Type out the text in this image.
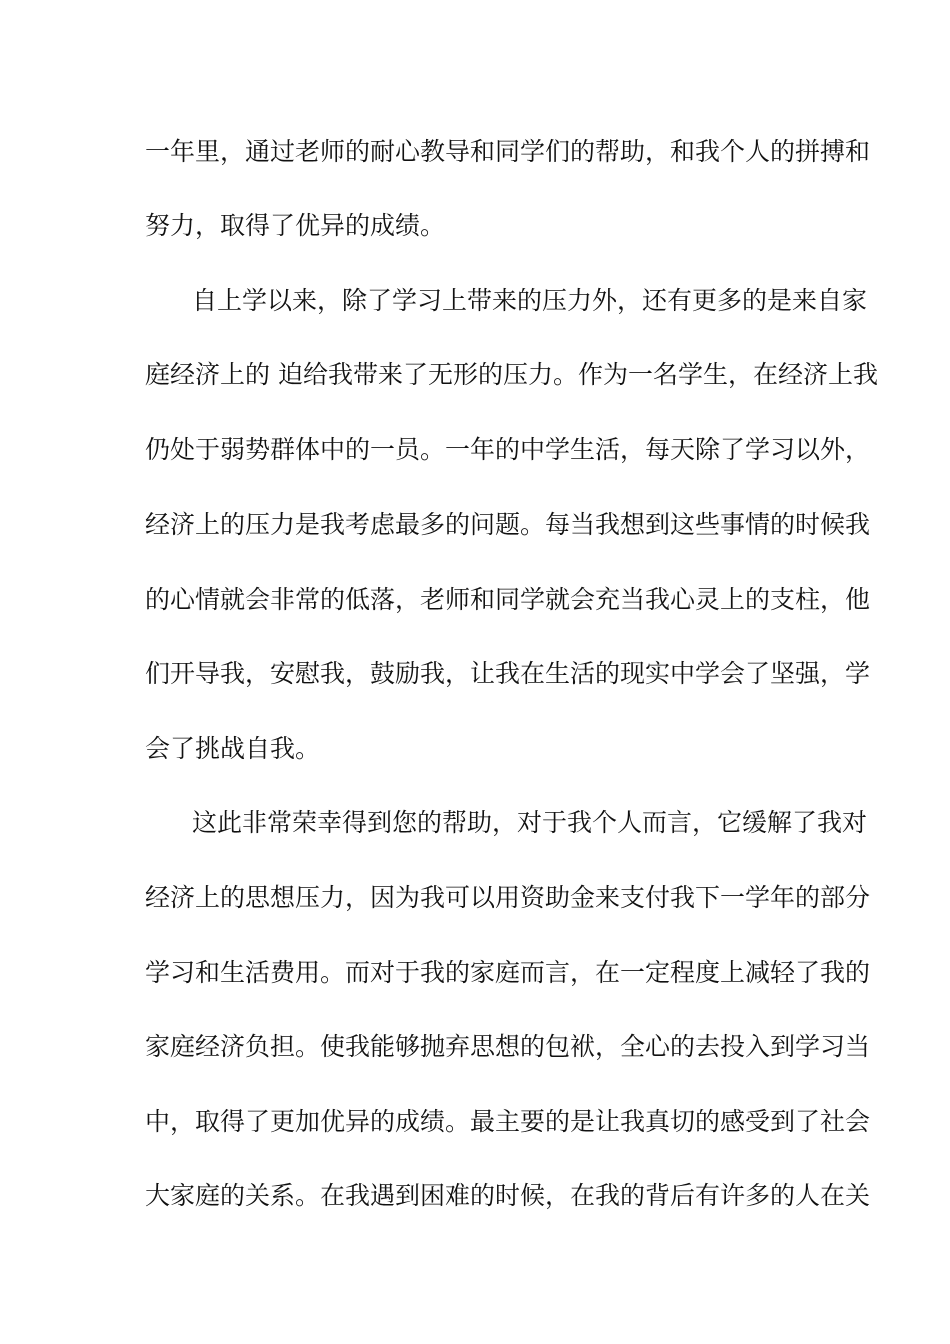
一年里，通过老师的耐心教导和同学们的帮助，和我个人的拼搏和
努力，取得了优异的成绩。
自上学以来，除了学习上带来的压力外，还有更多的是来自家
庭经济上的 迫给我带来了无形的压力。作为一名学生，在经济上我
仍处于弱势群体中的一员。一年的中学生活，每天除了学习以外，
经济上的压力是我考虑最多的问题。每当我想到这些事情的时候我
的心情就会非常的低落，老师和同学就会充当我心灵上的支柱，他
们开导我，安慰我，鼓励我，让我在生活的现实中学会了坚强，学
会了挑战自我。
这此非常荣幸得到您的帮助，对于我个人而言，它缓解了我对
经济上的思想压力，因为我可以用资助金来支付我下一学年的部分
学习和生活费用。而对于我的家庭而言，在一定程度上减轻了我的
家庭经济负担。使我能够抛弃思想的包袱，全心的去投入到学习当
中，取得了更加优异的成绩。最主要的是让我真切的感受到了社会
大家庭的关系。在我遇到困难的时候，在我的背后有许多的人在关
